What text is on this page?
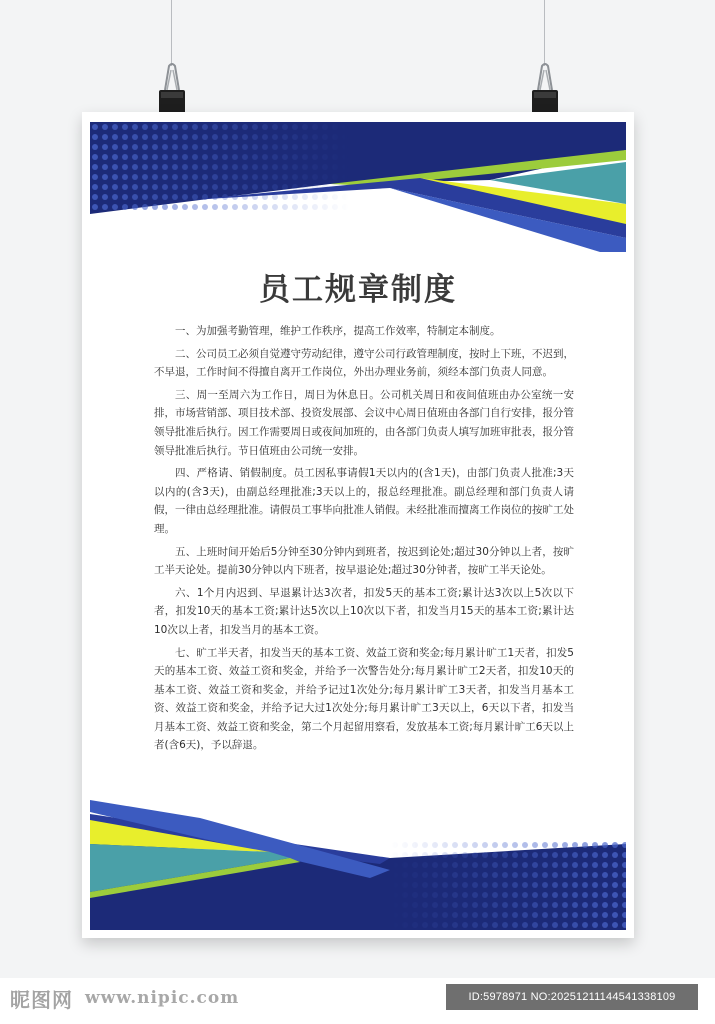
员工规章制度

一、为加强考勤管理，维护工作秩序，提高工作效率，特制定本制度。

二、公司员工必须自觉遵守劳动纪律，遵守公司行政管理制度，按时上下班，不迟到，不早退，工作时间不得擅自离开工作岗位，外出办理业务前，须经本部门负责人同意。

三、周一至周六为工作日，周日为休息日。公司机关周日和夜间值班由办公室统一安排，市场营销部、项目技术部、投资发展部、会议中心周日值班由各部门自行安排，报分管领导批准后执行。因工作需要周日或夜间加班的，由各部门负责人填写加班审批表，报分管领导批准后执行。节日值班由公司统一安排。

四、严格请、销假制度。员工因私事请假1天以内的(含1天)，由部门负责人批准;3天以内的(含3天)，由副总经理批准;3天以上的，报总经理批准。副总经理和部门负责人请假，一律由总经理批准。请假员工事毕向批准人销假。未经批准而擅离工作岗位的按旷工处理。

五、上班时间开始后5分钟至30分钟内到班者，按迟到论处;超过30分钟以上者，按旷工半天论处。提前30分钟以内下班者，按早退论处;超过30分钟者，按旷工半天论处。

六、1个月内迟到、早退累计达3次者，扣发5天的基本工资;累计达3次以上5次以下者，扣发10天的基本工资;累计达5次以上10次以下者，扣发当月15天的基本工资;累计达10次以上者，扣发当月的基本工资。

七、旷工半天者，扣发当天的基本工资、效益工资和奖金;每月累计旷工1天者，扣发5天的基本工资、效益工资和奖金，并给予一次警告处分;每月累计旷工2天者，扣发10天的基本工资、效益工资和奖金，并给予记过1次处分;每月累计旷工3天者，扣发当月基本工资、效益工资和奖金，并给予记大过1次处分;每月累计旷工3天以上，6天以下者，扣发当月基本工资、效益工资和奖金，第二个月起留用察看，发放基本工资;每月累计旷工6天以上者(含6天)，予以辞退。

昵图网 www.nipic.com	ID:5978971 NO:20251211144541338109
